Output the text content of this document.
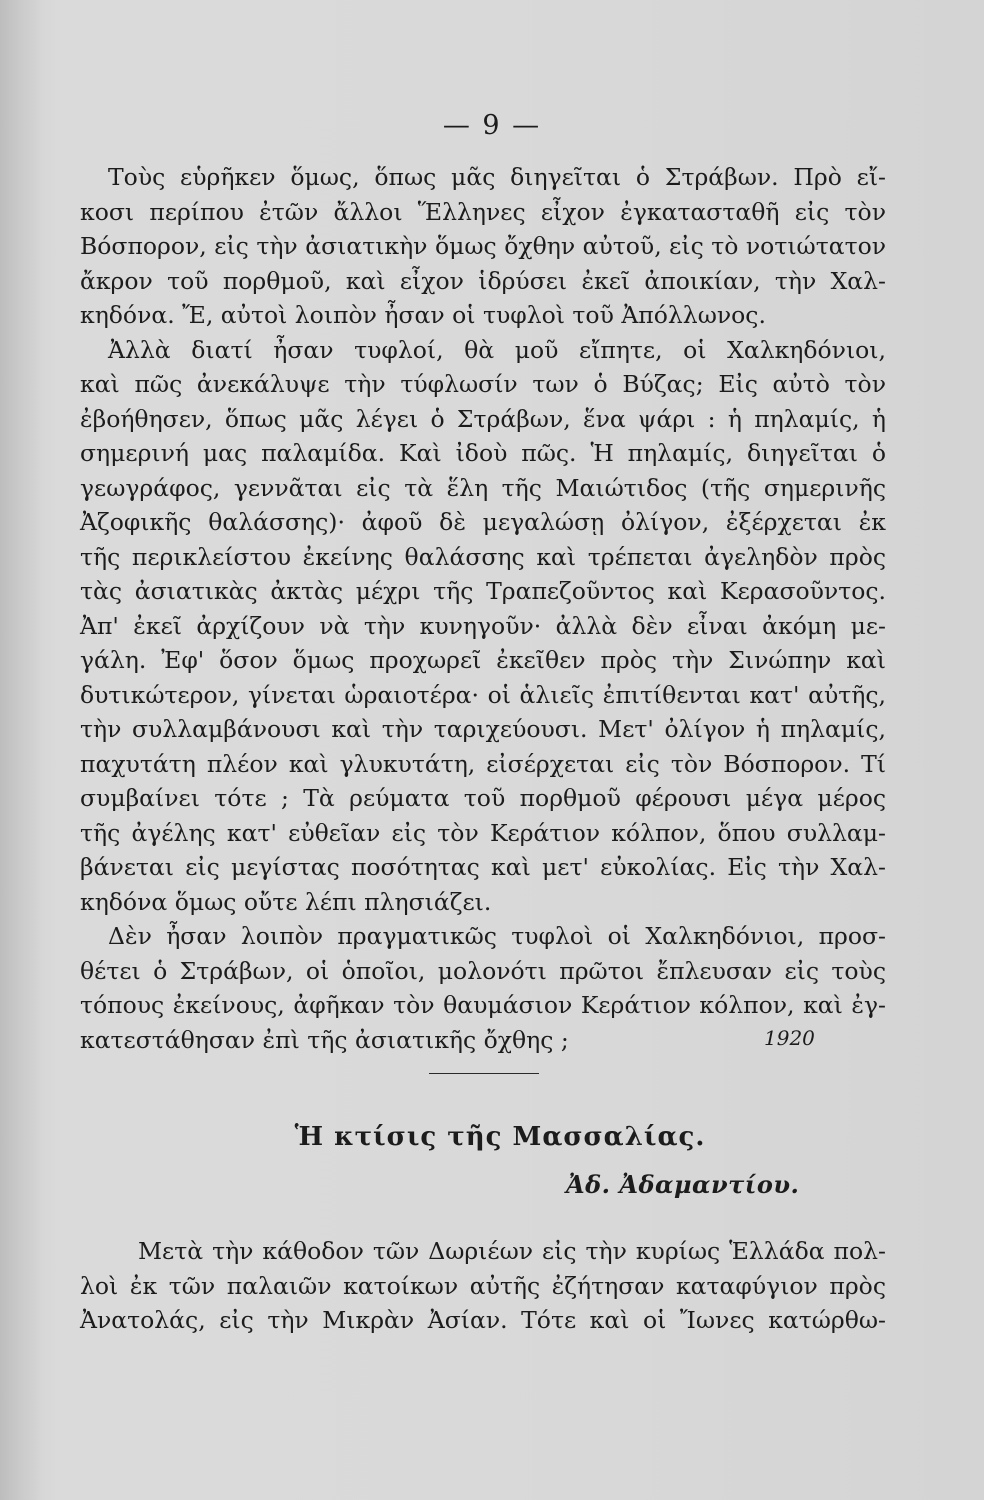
— 9 —
Τοὺς εὑρῆκεν ὅμως, ὅπως μᾶς διηγεῖται ὁ Στράβων. Πρὸ εἴ-
κοσι περίπου ἐτῶν ἄλλοι Ἕλληνες εἶχον ἐγκατασταθῆ εἰς τὸν
Βόσπορον, εἰς τὴν ἀσιατικὴν ὅμως ὄχθην αὐτοῦ, εἰς τὸ νοτιώτατον
ἄκρον τοῦ πορθμοῦ, καὶ εἶχον ἱδρύσει ἐκεῖ ἀποικίαν, τὴν Χαλ-
κηδόνα. Ἔ, αὐτοὶ λοιπὸν ἦσαν οἱ τυφλοὶ τοῦ Ἀπόλλωνος.
Ἀλλὰ διατί ἦσαν τυφλοί, θὰ μοῦ εἴπητε, οἱ Χαλκηδόνιοι,
καὶ πῶς ἀνεκάλυψε τὴν τύφλωσίν των ὁ Βύζας; Εἰς αὐτὸ τὸν
ἐβοήθησεν, ὅπως μᾶς λέγει ὁ Στράβων, ἕνα ψάρι : ἡ πηλαμίς, ἡ
σημερινή μας παλαμίδα. Καὶ ἰδοὺ πῶς. Ἡ πηλαμίς, διηγεῖται ὁ
γεωγράφος, γεννᾶται εἰς τὰ ἕλη τῆς Μαιώτιδος (τῆς σημερινῆς
Ἀζοφικῆς θαλάσσης)· ἀφοῦ δὲ μεγαλώσῃ ὀλίγον, ἐξέρχεται ἐκ
τῆς περικλείστου ἐκείνης θαλάσσης καὶ τρέπεται ἀγεληδὸν πρὸς
τὰς ἀσιατικὰς ἀκτὰς μέχρι τῆς Τραπεζοῦντος καὶ Κερασοῦντος.
Ἀπ' ἐκεῖ ἀρχίζουν νὰ τὴν κυνηγοῦν· ἀλλὰ δὲν εἶναι ἀκόμη με-
γάλη. Ἐφ' ὅσον ὅμως προχωρεῖ ἐκεῖθεν πρὸς τὴν Σινώπην καὶ
δυτικώτερον, γίνεται ὡραιοτέρα· οἱ ἁλιεῖς ἐπιτίθενται κατ' αὐτῆς,
τὴν συλλαμβάνουσι καὶ τὴν ταριχεύουσι. Μετ' ὀλίγον ἡ πηλαμίς,
παχυτάτη πλέον καὶ γλυκυτάτη, εἰσέρχεται εἰς τὸν Βόσπορον. Τί
συμβαίνει τότε ; Τὰ ρεύματα τοῦ πορθμοῦ φέρουσι μέγα μέρος
τῆς ἀγέλης κατ' εὐθεῖαν εἰς τὸν Κεράτιον κόλπον, ὅπου συλλαμ-
βάνεται εἰς μεγίστας ποσότητας καὶ μετ' εὐκολίας. Εἰς τὴν Χαλ-
κηδόνα ὅμως οὔτε λέπι πλησιάζει.
Δὲν ἦσαν λοιπὸν πραγματικῶς τυφλοὶ οἱ Χαλκηδόνιοι, προσ-
θέτει ὁ Στράβων, οἱ ὁποῖοι, μολονότι πρῶτοι ἔπλευσαν εἰς τοὺς
τόπους ἐκείνους, ἀφῆκαν τὸν θαυμάσιον Κεράτιον κόλπον, καὶ ἐγ-
κατεστάθησαν ἐπὶ τῆς ἀσιατικῆς ὄχθης ;	1920
Ἡ κτίσις τῆς Μασσαλίας.
Ἀδ. Ἀδαμαντίου.
Μετὰ τὴν κάθοδον τῶν Δωριέων εἰς τὴν κυρίως Ἑλλάδα πολ-
λοὶ ἐκ τῶν παλαιῶν κατοίκων αὐτῆς ἐζήτησαν καταφύγιον πρὸς
Ἀνατολάς, εἰς τὴν Μικρὰν Ἀσίαν. Τότε καὶ οἱ Ἴωνες κατώρθω-
